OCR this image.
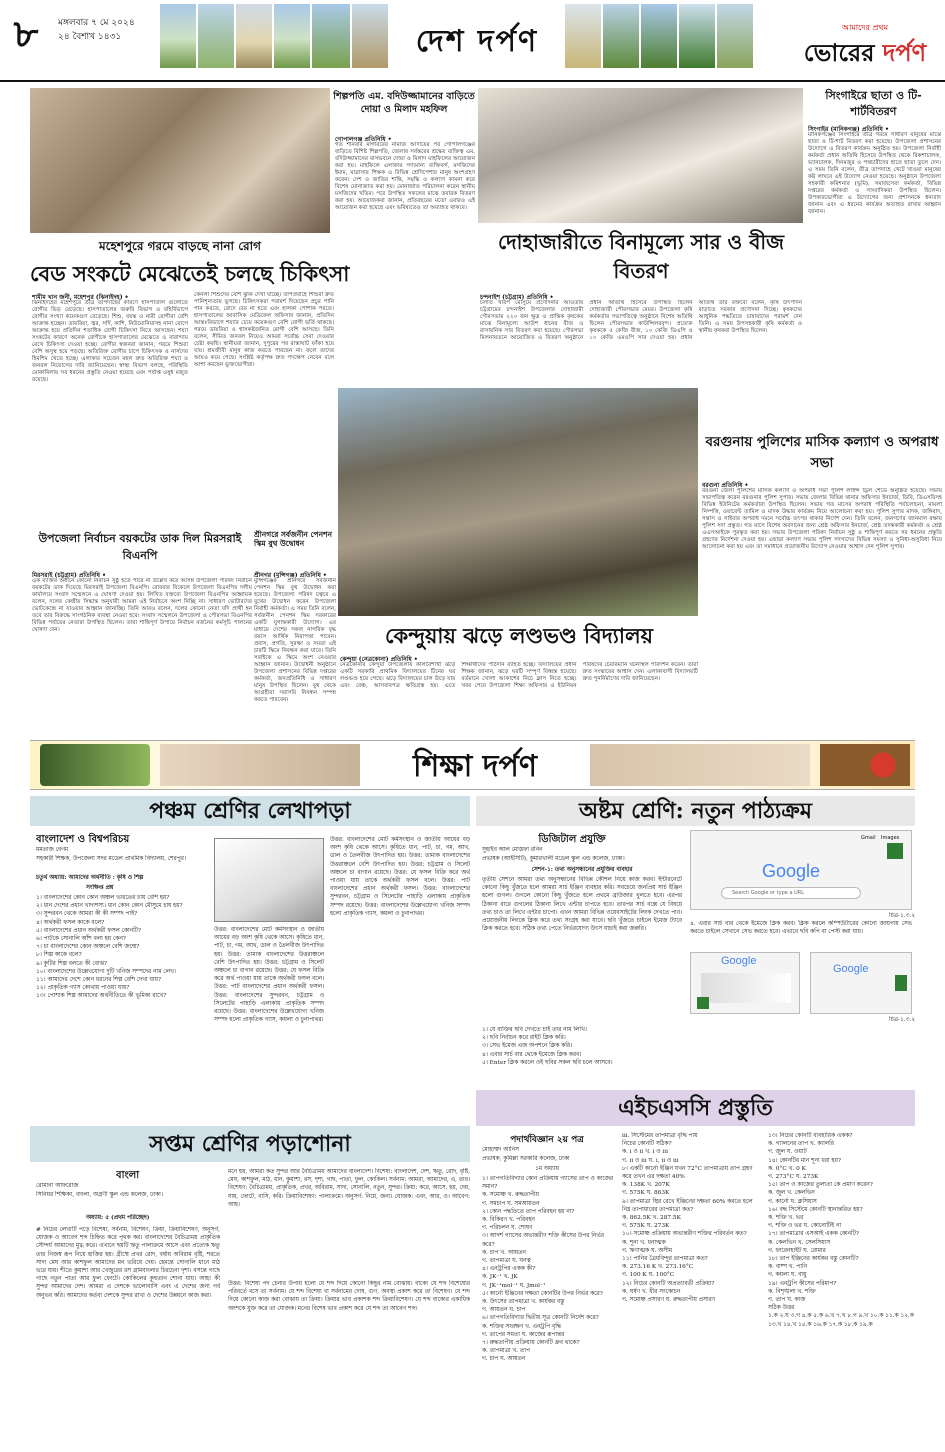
৮	মঙ্গলবার ৭ মে ২০২৪
২৪ বৈশাখ ১৪৩১	দেশ দর্পণ	আমাদের প্রথম
ভোরের দর্পণ
শিল্পপতি এম. বদিউজ্জামানের বাড়িতে দোয়া ও মিলাদ মহফিল
গোপালগঞ্জ প্রতিনিধি •
গত শনিবার মাগরিবের নামাজ আদায়ের পর গোপালগঞ্জের বাড়িতে বিশিষ্ট শিল্পপতি, জেলার সর্বস্তরের শ্রদ্ধেয় ব্যক্তিত্ব এম. বদিউজ্জামানের বাসভবনে দোয়া ও মিলাদ মাহফিলের আয়োজন করা হয়। মাহফিলে এলাকার গণ্যমান্য ব্যক্তিবর্গ, মসজিদের ইমাম, মাদ্রাসার শিক্ষক ও বিভিন্ন শ্রেণিপেশার মানুষ অংশগ্রহণ করেন। দেশ ও জাতির শান্তি, সমৃদ্ধি ও কল্যাণ কামনা করে বিশেষ মোনাজাত করা হয়। মোনাজাত পরিচালনা করেন স্থানীয় মসজিদের খতিব। পরে উপস্থিত সকলের মাঝে তবারক বিতরণ করা হয়। আয়োজকরা জানান, প্রতিবছরের মতো এবারও এই আয়োজন করা হয়েছে এবং ভবিষ্যতেও তা অব্যাহত থাকবে।
সিংগাইরে ছাতা ও টি-শার্টবিতরণ
সিংগাইর (মানিকগঞ্জ) প্রতিনিধি •
মানিকগঞ্জের সিংগাইরে তীব্র গরমে সাধারণ মানুষের মাঝে ছাতা ও টি-শার্ট বিতরণ করা হয়েছে। উপজেলা প্রশাসনের উদ্যোগে এ বিতরণ কার্যক্রম অনুষ্ঠিত হয়। উপজেলা নির্বাহী কর্মকর্তা প্রধান অতিথি হিসেবে উপস্থিত থেকে রিকশাচালক, ভ্যানচালক, দিনমজুর ও পথচারীদের হাতে ছাতা তুলে দেন। এ সময় তিনি বলেন, তীব্র তাপদাহে খেটে খাওয়া মানুষের কষ্ট লাঘবে এই উদ্যোগ নেওয়া হয়েছে। অনুষ্ঠানে উপজেলা সহকারী কমিশনার (ভূমি), সমাজসেবা কর্মকর্তা, বিভিন্ন দপ্তরের কর্মকর্তা ও সাংবাদিকরা উপস্থিত ছিলেন। উপকারভোগীরা এ উদ্যোগের জন্য প্রশাসনকে ধন্যবাদ জানান এবং এ ধরনের কার্যক্রম অব্যাহত রাখার আহ্বান জানান।
মহেশপুরে গরমে বাড়ছে নানা রোগ
বেড সংকটে মেঝেতেই চলছে চিকিৎসা
শামীম খান জনী, মহেশপুর (ঝিনাইদহ) •
ঝিনাইদহের মহেশপুরে তীব্র তাপদাহের কারণে হাসপাতাল গুলোতে রোগীর ভিড় বেড়েছে। হাসপাতালের জরুরি বিভাগ ও বহির্বিভাগে রোগীর সংখ্যা কয়েকগুণ বেড়েছে। শিশু, বয়স্ক ও নারী রোগীরা বেশি আক্রান্ত হচ্ছেন। ডায়রিয়া, জ্বর, সর্দি, কাশি, নিউমোনিয়াসহ নানা রোগে আক্রান্ত হয়ে প্রতিদিন শতাধিক রোগী চিকিৎসা নিতে আসছেন। শয্যা সংকটের কারণে অনেক রোগীকে হাসপাতালের মেঝেতে ও বারান্দায় রেখে চিকিৎসা দেওয়া হচ্ছে। রোগীর স্বজনরা জানান, গরমে শিশুরা বেশি অসুস্থ হয়ে পড়ছে। অতিরিক্ত রোগীর চাপে চিকিৎসক ও নার্সদের হিমশিম খেতে হচ্ছে। এলাকার সচেতন মহল দ্রুত অতিরিক্ত শয্যা ও জনবল নিয়োগের দাবি জানিয়েছেন। স্বাস্থ্য বিভাগ বলছে, পরিস্থিতি মোকাবিলায় সব ধরনের প্রস্তুতি নেওয়া হয়েছে এবং পর্যাপ্ত ওষুধ মজুত রয়েছে।
কেনলা শিশুদের বেশি ঝুঁকি দেখা যাচ্ছে। তাপপ্রবাহে শিশুরা দ্রুত পানিশূন্যতায় ভুগছে। চিকিৎসকরা পরামর্শ দিয়েছেন প্রচুর পানি পান করতে, রোদে বের না হতে এবং হালকা পোশাক পরতে। হাসপাতালের আবাসিক মেডিকেল অফিসার জানান, প্রতিদিন আন্তঃবিভাগে শয্যার চেয়ে কয়েকগুণ বেশি রোগী ভর্তি থাকছে। গরমে ডায়রিয়া ও শ্বাসকষ্টজনিত রোগী বেশি আসছে। তিনি বলেন, সীমিত জনবল নিয়েও আমরা সর্বোচ্চ সেবা দেওয়ার চেষ্টা করছি। স্থানীয়রা জানান, দুপুরের পর রাস্তাঘাট ফাঁকা হয়ে যায়। শ্রমজীবী মানুষ কাজ করতে পারছেন না। ফলে তাদের আয়ও কমে গেছে। সংশ্লিষ্ট কর্তৃপক্ষ দ্রুত পদক্ষেপ নেবেন বলে আশা করছেন ভুক্তভোগীরা।
দোহাজারীতে বিনামূল্যে সার ও বীজ বিতরণ
চন্দনাইশ (চট্টগ্রাম) প্রতিনিধি •
চলতি খরিপ মৌসুমে প্রণোদনার আওতায় চট্টগ্রামের চন্দনাইশ উপজেলার দোহাজারী পৌরসভায় ২২০ জন ক্ষুদ্র ও প্রান্তিক কৃষকের মাঝে বিনামূল্যে আউশ ধানের বীজ ও রাসায়নিক সার বিতরণ করা হয়েছে। পৌরসভা মিলনায়তনে আয়োজিত এ বিতরণ অনুষ্ঠানে প্রধান অতিথি হিসেবে উপস্থিত ছিলেন দোহাজারী পৌরসভার মেয়র। উপজেলা কৃষি কর্মকর্তার সভাপতিত্বে অনুষ্ঠানে বিশেষ অতিথি ছিলেন পৌরসভার কাউন্সিলরবৃন্দ। প্রত্যেক কৃষককে ৫ কেজি বীজ, ১০ কেজি ডিএপি ও ১০ কেজি এমওপি সার দেওয়া হয়। প্রধান অতিথি তার বক্তব্যে বলেন, কৃষি উৎপাদন বাড়াতে সরকার প্রণোদনা দিচ্ছে। কৃষকদের আধুনিক পদ্ধতিতে চাষাবাদের পরামর্শ দেন তিনি। এ সময় উপসহকারী কৃষি কর্মকর্তা ও স্থানীয় কৃষকরা উপস্থিত ছিলেন।
বরগুনায় পুলিশের মাসিক কল্যাণ ও অপরাধ সভা
বরগুনা প্রতিনিধি •
বরগুনা জেলা পুলিশের মাসিক কল্যাণ ও অপরাধ সভা পুলিশ লাইন্স ড্রিল শেডে অনুষ্ঠিত হয়েছে। সভায় সভাপতিত্ব করেন বরগুনার পুলিশ সুপার। সভায় জেলার বিভিন্ন থানার অফিসার ইনচার্জ, ডিবি, ডিএসবিসহ বিভিন্ন ইউনিটের কর্মকর্তারা উপস্থিত ছিলেন। সভায় গত মাসের অপরাধ পরিস্থিতি পর্যালোচনা, মামলা নিষ্পত্তি, ওয়ারেন্ট তামিল ও মাদক উদ্ধার কার্যক্রম নিয়ে আলোচনা করা হয়। পুলিশ সুপার মাদক, জঙ্গিবাদ, সন্ত্রাস ও সাইবার অপরাধ দমনে সর্বোচ্চ তৎপর থাকার নির্দেশ দেন। তিনি বলেন, জনগণের জানমাল রক্ষায় পুলিশ সদা প্রস্তুত। গত মাসে বিশেষ অবদানের জন্য শ্রেষ্ঠ অফিসার ইনচার্জ, শ্রেষ্ঠ তদন্তকারী কর্মকর্তা ও শ্রেষ্ঠ এএসআইকে পুরস্কৃত করা হয়। সভায় উপজেলা পরিষদ নির্বাচন সুষ্ঠু ও শান্তিপূর্ণ করতে সব ধরনের প্রস্তুতি গ্রহণের নির্দেশনা দেওয়া হয়। এছাড়া কল্যাণ সভায় পুলিশ সদস্যদের বিভিন্ন সমস্যা ও সুবিধা-অসুবিধা নিয়ে আলোচনা করা হয় এবং তা সমাধানে প্রয়োজনীয় উদ্যোগ নেওয়ার আশ্বাস দেন পুলিশ সুপার।
উপজেলা নির্বাচন বয়কটের ডাক দিল মিরসরাই বিএনপি
মিরসরাই (চট্টগ্রাম) প্রতিনিধি •
এক ব্যক্তির অধীনে কোনো নির্বাচন সুষ্ঠু হতে পারে না উল্লেখ করে আসন্ন উপজেলা পরিষদ নির্বাচন বয়কটের ডাক দিয়েছে মিরসরাই উপজেলা বিএনপি। রোববার বিকেলে উপজেলা বিএনপির দলীয় কার্যালয়ে সংবাদ সম্মেলনে এ ঘোষণা দেওয়া হয়। লিখিত বক্তব্যে উপজেলা বিএনপির আহ্বায়ক বলেন, দলের কেন্দ্রীয় সিদ্ধান্ত অনুযায়ী আমরা এই নির্বাচনে অংশ নিচ্ছি না। সাধারণ ভোটারদের ভোটকেন্দ্রে না যাওয়ার আহ্বান জানাচ্ছি। তিনি আরও বলেন, দলের কোনো নেতা যদি প্রার্থী হন তবে তার বিরুদ্ধে সাংগঠনিক ব্যবস্থা নেওয়া হবে। সংবাদ সম্মেলনে উপজেলা ও পৌরসভা বিএনপির বিভিন্ন পর্যায়ের নেতারা উপস্থিত ছিলেন। তারা শান্তিপূর্ণ উপায়ে নির্বাচন বর্জনের কর্মসূচি পালনের ঘোষণা দেন।
শ্রীনগরে সর্বজনীন পেনশন স্কিম বুথ উদ্বোধন
শ্রীনগর (মুন্সিগঞ্জ) প্রতিনিধি •
মুন্সিগঞ্জের শ্রীনগরে সর্বজনীন পেনশন স্কিম বুথ উদ্বোধন করা হয়েছে। উপজেলা পরিষদ চত্বরে এ বুথের উদ্বোধন করেন উপজেলা নির্বাহী কর্মকর্তা। এ সময় তিনি বলেন, সর্বজনীন পেনশন স্কিম সরকারের একটি যুগান্তকারী উদ্যোগ। এর মাধ্যমে দেশের সকল নাগরিক বৃদ্ধ বয়সে আর্থিক নিরাপত্তা পাবেন। প্রবাস, প্রগতি, সুরক্ষা ও সমতা এই চারটি স্কিমে নিবন্ধন করা যাবে। তিনি সবাইকে এ স্কিমে অংশ নেওয়ার আহ্বান জানান। উদ্বোধনী অনুষ্ঠানে উপজেলা প্রশাসনের বিভিন্ন দপ্তরের কর্মকর্তা, জনপ্রতিনিধি ও সাধারণ মানুষ উপস্থিত ছিলেন। বুথ থেকে আগ্রহীরা সরাসরি নিবন্ধন সম্পন্ন করতে পারবেন।
কেন্দুয়ায় ঝড়ে লণ্ডভণ্ড বিদ্যালয়
কেন্দুয়া (নেত্রকোনা) প্রতিনিধি •
নেত্রকোনার কেন্দুয়া উপজেলায় কালবৈশাখী ঝড়ে একটি সরকারি প্রাথমিক বিদ্যালয়ের টিনের ঘর লণ্ডভণ্ড হয়ে গেছে। ঝড়ে বিদ্যালয়ের চাল উড়ে যায় এবং বেঞ্চ, আসবাবপত্র ক্ষতিগ্রস্ত হয়। এতে শিক্ষার্থীদের পাঠদান ব্যাহত হচ্ছে। বিদ্যালয়ের প্রধান শিক্ষক জানান, ঝড়ে ঘরটি সম্পূর্ণ বিধ্বস্ত হয়েছে। বর্তমানে খোলা আকাশের নিচে ক্লাস নিতে হচ্ছে। খবর পেয়ে উপজেলা শিক্ষা অফিসার ও ইউনিয়ন পরিষদের চেয়ারম্যান ঘটনাস্থল পরিদর্শন করেন। তারা দ্রুত সংস্কারের আশ্বাস দেন। এলাকাবাসী বিদ্যালয়টি দ্রুত পুনর্নির্মাণের দাবি জানিয়েছেন।
শিক্ষা দর্পণ
পঞ্চম শ্রেণির লেখাপড়া
বাংলাদেশ ও বিশ্বপরিচয়
মমতাজ বেগম
সহকারী শিক্ষক, উপজেলা সদর মডেল প্রাথমিক বিদ্যালয়, শেরপুর।
চতুর্থ অধ্যায়: আমাদের অর্থনীতি : কৃষি ও শিল্প
সংক্ষিপ্ত প্রশ্ন
১। বাংলাদেশের কোন কোন অঞ্চল ভারতের চায় বেশি হয়?
২। ধান দেশের প্রধান খাদ্যশস্য। ধান কোন কোন মৌসুমে চাষ হয়?
৩। সুন্দরবন থেকে আমরা কী কী সম্পদ পাই?
৪। অর্থকরী ফসল কাকে বলে?
৫। বাংলাদেশের প্রধান অর্থকরী ফসল কোনটি?
৬। পাটকে সোনালি আঁশ বলা হয় কেন?
৭। চা বাংলাদেশের কোন অঞ্চলে বেশি জন্মে?
৮। শিল্প কাকে বলে?
৯। কুটির শিল্প বলতে কী বোঝ?
১০। বাংলাদেশের উল্লেখযোগ্য দুটি খনিজ সম্পদের নাম লেখ।
১১। আমাদের দেশে কোন ধরনের শিল্প বেশি দেখা যায়?
১২। প্রাকৃতিক গ্যাস কোথায় পাওয়া যায়?
১৩। পোশাক শিল্প আমাদের অর্থনীতিতে কী ভূমিকা রাখে?
উত্তর: বাংলাদেশের মোট কর্মসংস্থান ও জাতীয় আয়ের বড় অংশ কৃষি থেকে আসে। কৃষিতে ধান, পাট, চা, গম, আখ, ডাল ও তৈলবীজ উৎপাদিত হয়। উত্তর: তামাক বাংলাদেশের উত্তরাঞ্চলে বেশি উৎপাদিত হয়। উত্তর: চট্টগ্রাম ও সিলেট অঞ্চলে চা বাগান রয়েছে। উত্তর: যে ফসল বিক্রি করে অর্থ পাওয়া যায় তাকে অর্থকরী ফসল বলে। উত্তর: পাট বাংলাদেশের প্রধান অর্থকরী ফসল। উত্তর: বাংলাদেশের সুন্দরবন, চট্টগ্রাম ও সিলেটের পাহাড়ি এলাকায় প্রাকৃতিক সম্পদ রয়েছে। উত্তর: বাংলাদেশের উল্লেখযোগ্য খনিজ সম্পদ হলো প্রাকৃতিক গ্যাস, কয়লা ও চুনাপাথর।
উত্তর: বাংলাদেশের মোট কর্মসংস্থান ও জাতীয় আয়ের বড় অংশ কৃষি থেকে আসে। কৃষিতে ধান, পাট, চা, গম, আখ, ডাল ও তৈলবীজ উৎপাদিত হয়। উত্তর: তামাক বাংলাদেশের উত্তরাঞ্চলে বেশি উৎপাদিত হয়। উত্তর: চট্টগ্রাম ও সিলেট অঞ্চলে চা বাগান রয়েছে। উত্তর: যে ফসল বিক্রি করে অর্থ পাওয়া যায় তাকে অর্থকরী ফসল বলে। উত্তর: পাট বাংলাদেশের প্রধান অর্থকরী ফসল। উত্তর: বাংলাদেশের সুন্দরবন, চট্টগ্রাম ও সিলেটের পাহাড়ি এলাকায় প্রাকৃতিক সম্পদ রয়েছে। উত্তর: বাংলাদেশের উল্লেখযোগ্য খনিজ সম্পদ হলো প্রাকৃতিক গ্যাস, কয়লা ও চুনাপাথর।
অষ্টম শ্রেণি: নতুন পাঠ্যক্রম
ডিজিটাল প্রযুক্তি
সুহাইব আল মোস্তফা রনিন
প্রভাষক (আইসিটি), কুমারখালী মডেল স্কুল এন্ড কলেজ, ঢাকা।
সেশন-১: তথ্য অনুসন্ধানের প্রযুক্তির ব্যবহার
তৃতীয় সেশনে আমরা তথ্য অনুসন্ধানের বিভিন্ন কৌশল নিয়ে কাজ করব। ইন্টারনেটে কোনো কিছু খুঁজতে হলে আমরা সার্চ ইঞ্জিন ব্যবহার করি। সবচেয়ে জনপ্রিয় সার্চ ইঞ্জিন হলো গুগল। গুগলে কোনো কিছু খুঁজতে হলে প্রথমে ব্রাউজার খুলতে হবে। এরপর ঠিকানা বারে গুগলের ঠিকানা লিখে এন্টার চাপতে হবে। তারপর সার্চ বক্সে যে বিষয়ে তথ্য চাও তা লিখে এন্টার চাপো। এখন আমরা বিভিন্ন ওয়েবসাইটের লিংক দেখতে পাব। প্রয়োজনীয় লিংকে ক্লিক করে তথ্য সংগ্রহ করা যাবে। ছবি খুঁজতে চাইলে ইমেজ ট্যাবে ক্লিক করতে হবে। সঠিক তথ্য পেতে নির্ভরযোগ্য উৎস যাচাই করা জরুরি।
Gmail Images
Google
Search Google or type a URL
চিত্র-১.৩.২
৪. এবার সার্চ বার থেকে ইমেজে ক্লিক করব। ক্লিক করলে কম্পিউটারের কোনো জায়গায় সেভ করতে চাইলে সেখানে সেভ করতে হবে। এভাবে ছবি কপি বা পেস্ট করা যায়।
১। যে ব্যক্তির ছবি দেখতে চাই তার নাম লিখি।
২। ছবি নির্বাচন করে রাইট ক্লিক করি।
৩। সেভ ইমেজ এজ অপশনে ক্লিক করি।
৪। এবার সার্চ বার থেকে ইমেজে ক্লিক করব।
৫। Enter ক্লিক করলে ওই ছবির সকল ছবি চলে আসবে।
Google
Google
চিত্র-১.৩.২
সপ্তম শ্রেণির পড়াশোনা
বাংলা
রোমানা আফরোজ
সিনিয়র শিক্ষিকা, বাংলা, অগ্রণী স্কুল এন্ড কলেজ, ঢাকা।
অধ্যায়: ৫ (প্রথম পরিচ্ছেদ)
# নিচের লেখাটি পড়ে বিশেষ্য, সর্বনাম, বিশেষণ, ক্রিয়া, ক্রিয়াবিশেষণ, অনুসর্গ, যোজক ও আবেগ শব্দ চিহ্নিত করে পৃথক কর। বাংলাদেশের বৈচিত্র্যময় প্রাকৃতিক সৌন্দর্য আমাদের মুগ্ধ করে। এখানে ছয়টি ঋতু পালাক্রমে আসে এবং প্রত্যেক ঋতু তার নিজস্ব রূপ নিয়ে হাজির হয়। গ্রীষ্মে প্রখর রোদ, বর্ষায় অবিরাম বৃষ্টি, শরতে সাদা মেঘ আর কাশফুল আমাদের মন ভরিয়ে দেয়। হেমন্তে সোনালি ধানে মাঠ ভরে যায়। শীতে কুয়াশা আর খেজুরের রস গ্রামবাংলার চিরচেনা দৃশ্য। বসন্তে গাছে গাছে নতুন পাতা আর ফুল ফোটে। কোকিলের কুহুতান শোনা যায়। আহ! কী সুন্দর আমাদের দেশ। আমরা এ দেশকে ভালোবাসি এবং এ দেশের জন্য গর্ব অনুভব করি। আমাদের কর্তব্য দেশকে সুন্দর রাখা ও দেশের উন্নয়নে কাজ করা।
মনে হয়, আমরা কত সুন্দর আর বৈচিত্র্যময় আমাদের বাংলাদেশ। বিশেষ্য: বাংলাদেশ, দেশ, ঋতু, রোদ, বৃষ্টি, মেঘ, কাশফুল, মাঠ, ধান, কুয়াশা, রস, দৃশ্য, গাছ, পাতা, ফুল, কোকিল। সর্বনাম: আমরা, আমাদের, এ, তার। বিশেষণ: বৈচিত্র্যময়, প্রাকৃতিক, প্রখর, অবিরাম, সাদা, সোনালি, নতুন, সুন্দর। ক্রিয়া: করে, আসে, হয়, দেয়, যায়, ফোটে, বাসি, করি। ক্রিয়াবিশেষণ: পালাক্রমে। অনুসর্গ: নিয়ে, জন্য। যোজক: এবং, আর, ও। আবেগ: আহ।
উত্তর: বিশেষ্য পদ চেনার উপায় হলো যে শব্দ দিয়ে কোনো কিছুর নাম বোঝায়। বাক্যে যে শব্দ বিশেষ্যের পরিবর্তে বসে তা সর্বনাম। যে শব্দ বিশেষ্য বা সর্বনামের দোষ, গুণ, অবস্থা প্রকাশ করে তা বিশেষণ। যে শব্দ দিয়ে কোনো কাজ করা বোঝায় তা ক্রিয়া। ক্রিয়ার ভাব প্রকাশক শব্দ ক্রিয়াবিশেষণ। যে শব্দ বাক্যের একাধিক অংশকে যুক্ত করে তা যোজক। মনের বিশেষ ভাব প্রকাশ করে যে শব্দ তা আবেগ শব্দ।
এইচএসসি প্রস্তুতি
পদার্থবিজ্ঞান ২য় পত্র
মোহাম্মদ আনিস
প্রভাষক, কুমিল্লা সরকারি কলেজ, ঢাকা
১ম অধ্যায়
১। তাপগতিবিদ্যার কোন প্রক্রিয়ায় গ্যাসের তাপ ও কাজের সমান?
ক. সমোষ্ণ খ. রুদ্ধতাপীয়
গ. সমচাপ ঘ. সমআয়তন
২। কোন পদ্ধতিতে তাপ পরিবহন হয় না?
ক. বিকিরণ খ. পরিবহন
গ. পরিচলন ঘ. শোষণ
৩। আদর্শ গ্যাসের অভ্যন্তরীণ শক্তি কীসের উপর নির্ভর করে?
ক. চাপ খ. আয়তন
গ. তাপমাত্রা ঘ. ঘনত্ব
৪। এনট্রপির একক কী?
ক. JK⁻¹ খ. JK
গ. JK⁻¹mol⁻¹ ঘ. Jmol⁻¹
৫। কার্নো ইঞ্জিনের দক্ষতা কোনটির উপর নির্ভর করে?
ক. উৎসের তাপমাত্রা খ. কার্যকর বস্তু
গ. আয়তন ঘ. চাপ
৬। তাপগতিবিদ্যার দ্বিতীয় সূত্র কোনটি নির্দেশ করে?
ক. শক্তির সংরক্ষণ খ. এনট্রপি বৃদ্ধি
গ. তাপের সমতা ঘ. কাজের রূপান্তর
৭। রুদ্ধতাপীয় প্রক্রিয়ায় কোনটি ধ্রুব থাকে?
ক. তাপমাত্রা খ. তাপ
গ. চাপ ঘ. আয়তন
iii. সিস্টেমের তাপমাত্রা বৃদ্ধি পায়
নিচের কোনটি সঠিক?
ক. i ও ii খ. i ও iii
গ. ii ও iii ঘ. i, ii ও iii
৮। একটি কার্নো ইঞ্জিন যখন 72°C তাপমাত্রায় তাপ গ্রহণ করে তখন এর দক্ষতা 40%
ক. 138K খ. 207K
গ. 575K ঘ. 863K
৯। তাপমাত্রা স্থির রেখে ইঞ্জিনের দক্ষতা 60% করতে হলে নিম্ন তাপাধারের তাপমাত্রা কত?
ক. 862.5K খ. 287.5K
গ. 575K ঘ. 273K
১০। সমোষ্ণ প্রক্রিয়ায় অভ্যন্তরীণ শক্তির পরিবর্তন কত?
ক. শূন্য খ. ধনাত্মক
গ. ঋণাত্মক ঘ. অসীম
১১। পানির ত্রৈধবিন্দুর তাপমাত্রা কত?
ক. 273.16 K খ. 273.16°C
গ. 100 K ঘ. 100°C
১২। নিচের কোনটি অপ্রত্যাবর্তী প্রক্রিয়া?
ক. ঘর্ষণ খ. ধীর সংকোচন
গ. সমোষ্ণ প্রসারণ ঘ. রুদ্ধতাপীয় প্রসারণ
১৩। নিচের কোনটি ব্যবহারিক একক?
ক. গ্যালনের তাপ খ. ক্যালরি
গ. জুল ঘ. ওয়াট
১৪। কোনটির মান শূন্য ধরা হয়?
ক. 0°C খ. 0 K
গ. 273°C ঘ. 273K
১৫। তাপ ও কাজের তুল্যতা কে প্রমাণ করেন?
ক. জুল খ. কেলভিন
গ. কার্নো ঘ. ক্লসিয়াস
১৬। বদ্ধ সিস্টেমে কোনটি স্থানান্তরিত হয়?
ক. শক্তি খ. ভর
গ. শক্তি ও ভর ঘ. কোনোটিই না
১৭। তাপমাত্রার এসআই একক কোনটি?
ক. কেলভিন খ. সেলসিয়াস
গ. ফারেনহাইট ঘ. রোমার
১৮। তাপ ইঞ্জিনের কার্যকর বস্তু কোনটি?
ক. বাষ্প খ. পানি
গ. কয়লা ঘ. বায়ু
১৯। এনট্রপি কীসের পরিমাপ?
ক. বিশৃঙ্খলা খ. শক্তি
গ. তাপ ঘ. কাজ
সঠিক উত্তর
১.ক ২.ঘ ৩.গ ৪.ক ৫.ক ৬.খ ৭.খ ৮.গ ৯.খ ১০.ক ১১.ক ১২.ক ১৩.খ ১৪.খ ১৫.ক ১৬.ক ১৭.ক ১৮.ক ১৯.ক
